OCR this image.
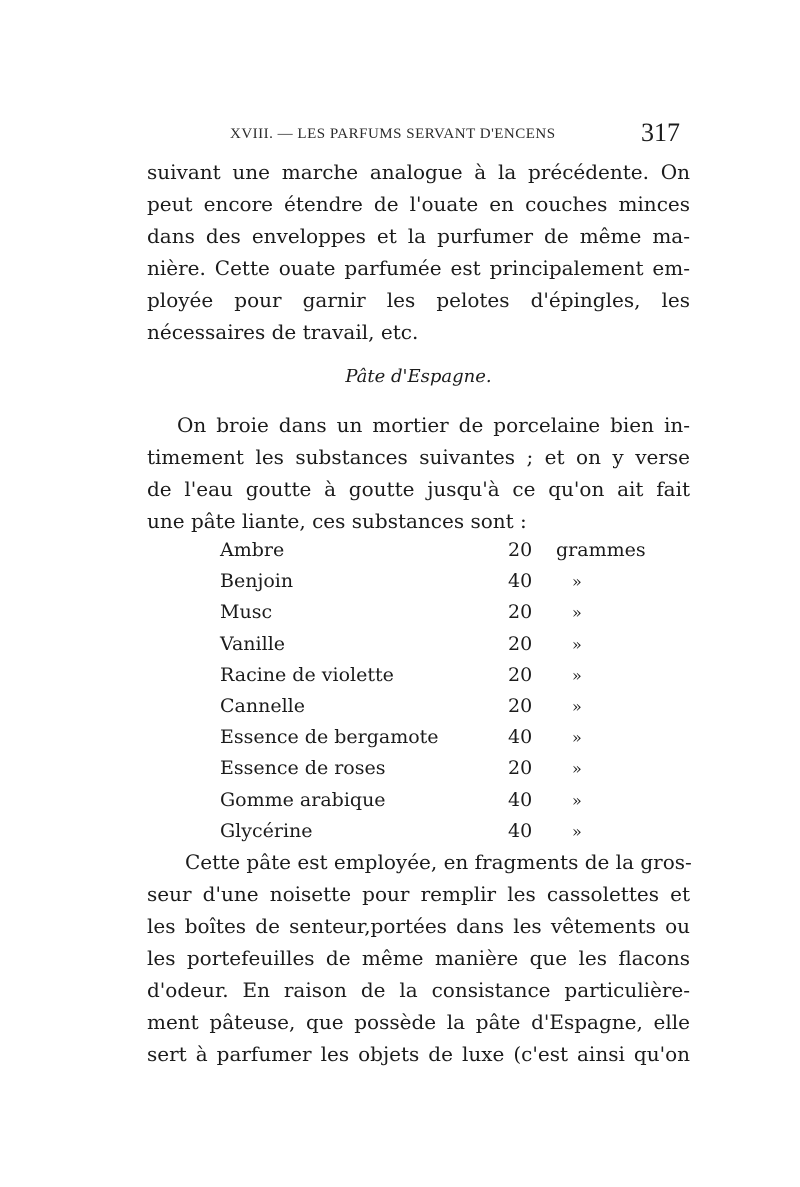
XVIII. — LES PARFUMS SERVANT D'ENCENS	317
suivant une marche analogue à la précédente. On
peut encore étendre de l'ouate en couches minces
dans des enveloppes et la purfumer de même ma-
nière. Cette ouate parfumée est principalement em-
ployée pour garnir les pelotes d'épingles, les
nécessaires de travail, etc.
Pâte d'Espagne.
On broie dans un mortier de porcelaine bien in-
timement les substances suivantes ; et on y verse
de l'eau goutte à goutte jusqu'à ce qu'on ait fait
une pâte liante, ces substances sont :
Ambre	20 grammes
Benjoin	40 »
Musc	20 »
Vanille	20 »
Racine de violette	20 »
Cannelle	20 »
Essence de bergamote	40 »
Essence de roses	20 »
Gomme arabique	40 »
Glycérine	40 »
Cette pâte est employée, en fragments de la gros-
seur d'une noisette pour remplir les cassolettes et
les boîtes de senteur,portées dans les vêtements ou
les portefeuilles de même manière que les flacons
d'odeur. En raison de la consistance particulière-
ment pâteuse, que possède la pâte d'Espagne, elle
sert à parfumer les objets de luxe (c'est ainsi qu'on
